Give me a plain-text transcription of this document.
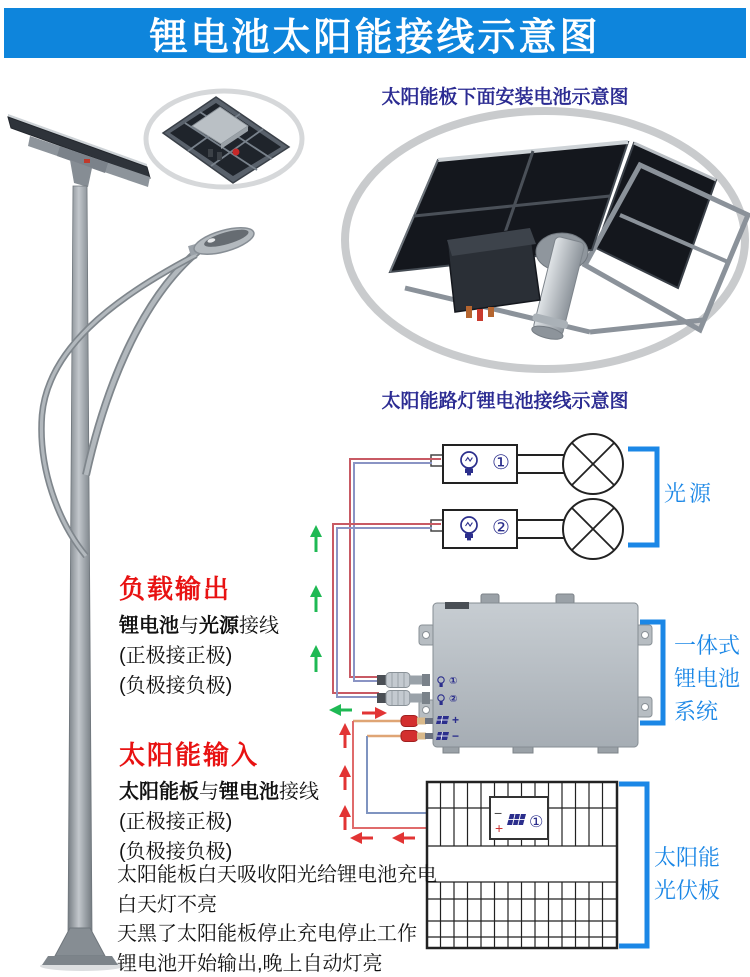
①
②
①
②
+
−
−
+ ①
锂电池太阳能接线示意图
太阳能板下面安装电池示意图
太阳能路灯锂电池接线示意图
光源
一体式
锂电池
系统
太阳能
光伏板
负载输出
锂电池与光源接线
(正极接正极)
(负极接负极)
太阳能输入
太阳能板与锂电池接线
(正极接正极)
(负极接负极)
太阳能板白天吸收阳光给锂电池充电
白天灯不亮
天黑了太阳能板停止充电停止工作
锂电池开始输出,晚上自动灯亮
